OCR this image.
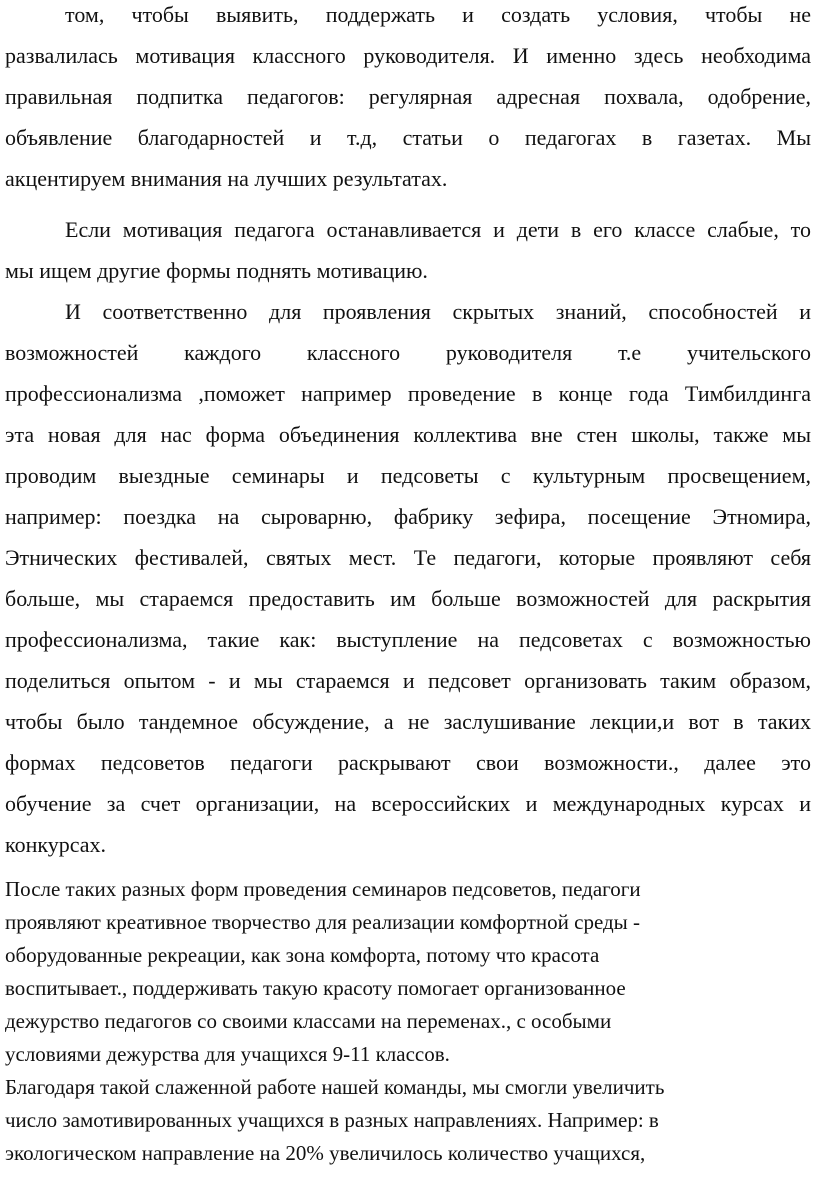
том, чтобы выявить, поддержать и создать условия, чтобы не
развалилась мотивация классного руководителя. И именно здесь необходима
правильная подпитка педагогов: регулярная адресная похвала, одобрение,
объявление благодарностей и т.д, статьи о педагогах в газетах. Мы
акцентируем внимания на лучших результатах.
Если мотивация педагога останавливается и дети в его классе слабые, то
мы ищем другие формы поднять мотивацию.
И соответственно для проявления скрытых знаний, способностей и
возможностей каждого классного руководителя т.е учительского
профессионализма ,поможет например проведение в конце года Тимбилдинга
эта новая для нас форма объединения коллектива вне стен школы, также мы
проводим выездные семинары и педсоветы с культурным просвещением,
например: поездка на сыроварню, фабрику зефира, посещение Этномира,
Этнических фестивалей, святых мест. Те педагоги, которые проявляют себя
больше, мы стараемся предоставить им больше возможностей для раскрытия
профессионализма, такие как: выступление на педсоветах с возможностью
поделиться опытом - и мы стараемся и педсовет организовать таким образом,
чтобы было тандемное обсуждение, а не заслушивание лекции,и вот в таких
формах педсоветов педагоги раскрывают свои возможности., далее это
обучение за счет организации, на всероссийских и международных курсах и
конкурсах.
После таких разных форм проведения семинаров педсоветов, педагоги
проявляют креативное творчество для реализации комфортной среды -
оборудованные рекреации, как зона комфорта, потому что красота
воспитывает., поддерживать такую красоту помогает организованное
дежурство педагогов со своими классами на переменах., с особыми
условиями дежурства для учащихся 9-11 классов.
Благодаря такой слаженной работе нашей команды, мы смогли увеличить
число замотивированных учащихся в разных направлениях. Например: в
экологическом направление на 20% увеличилось количество учащихся,
